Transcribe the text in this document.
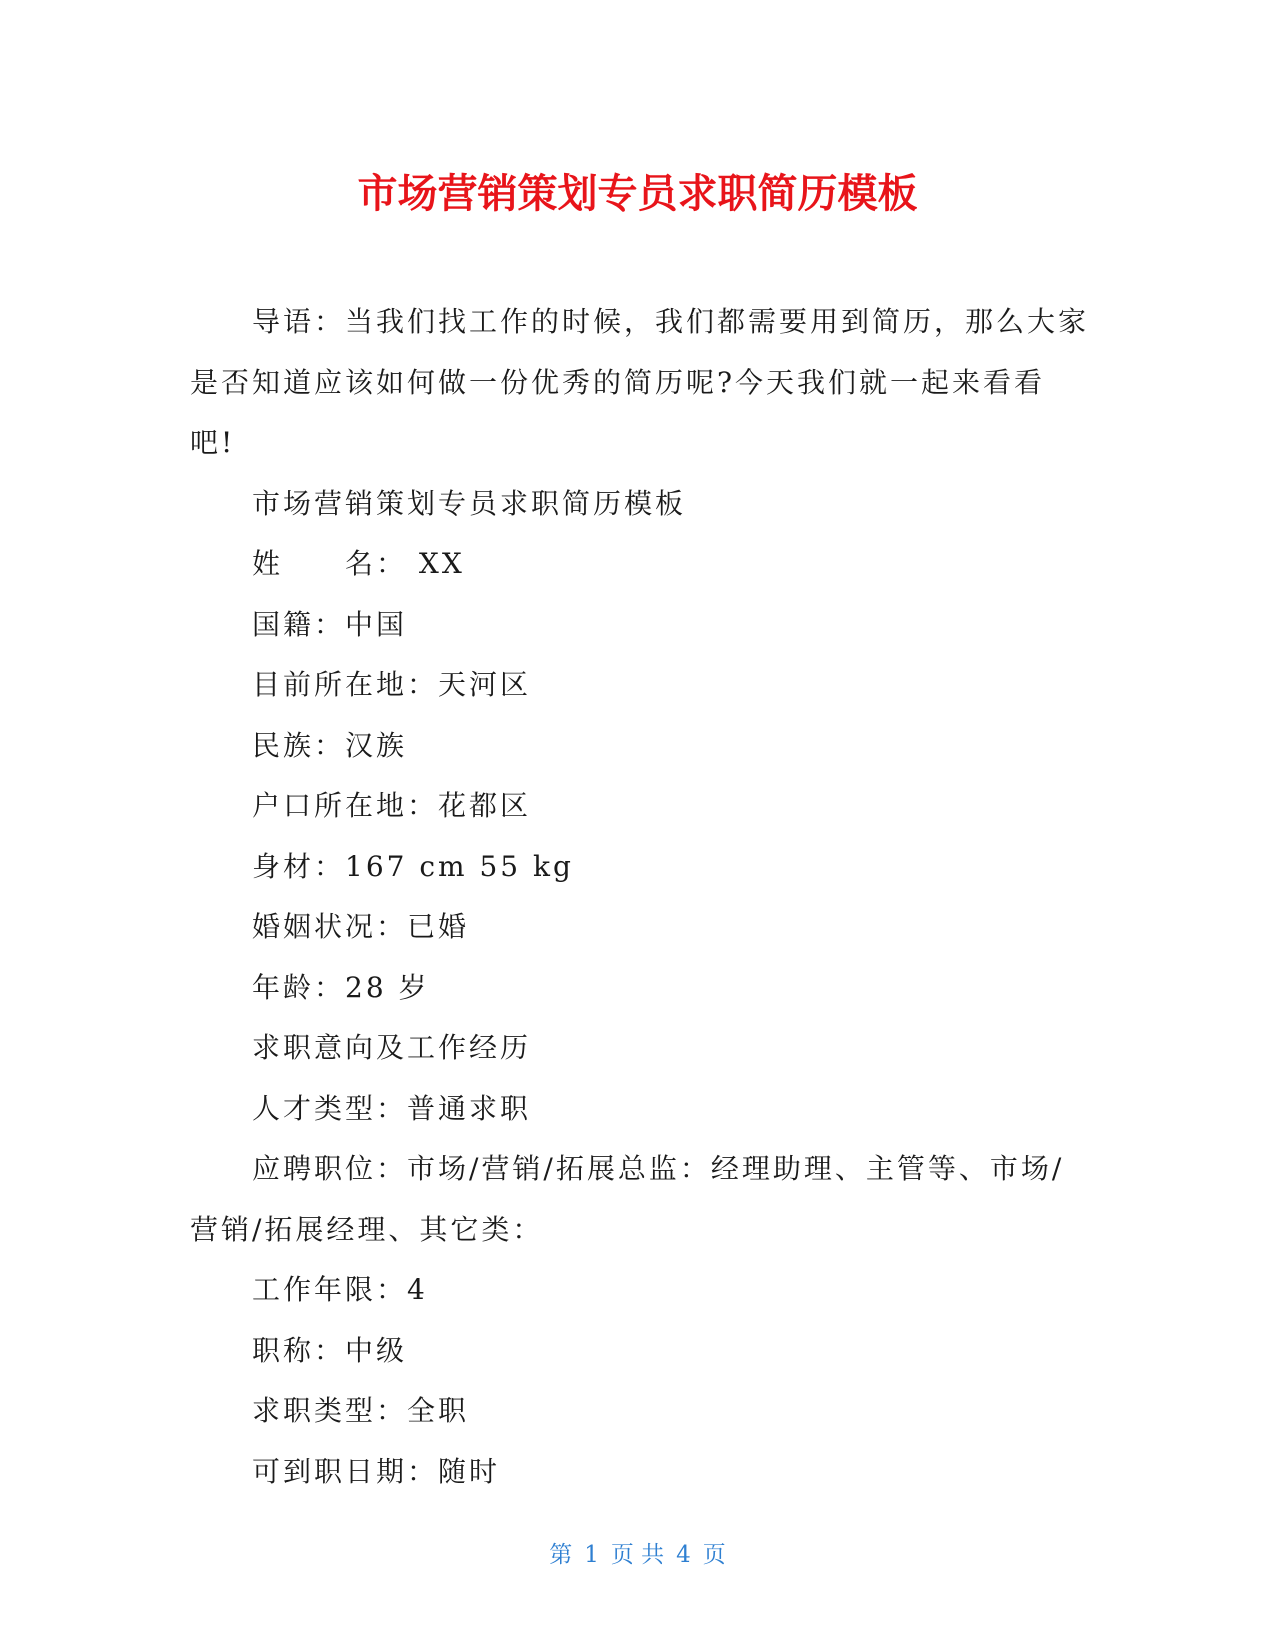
市场营销策划专员求职简历模板

导语：当我们找工作的时候，我们都需要用到简历，那么大家是否知道应该如何做一份优秀的简历呢?今天我们就一起来看看吧!

市场营销策划专员求职简历模板

姓　　名： XX

国籍：中国

目前所在地：天河区

民族：汉族

户口所在地：花都区

身材：167 cm 55 kg

婚姻状况：已婚

年龄：28 岁

求职意向及工作经历

人才类型：普通求职

应聘职位：市场/营销/拓展总监：经理助理、主管等、市场/营销/拓展经理、其它类：

工作年限：4

职称：中级

求职类型：全职

可到职日期：随时

第 1 页 共 4 页
